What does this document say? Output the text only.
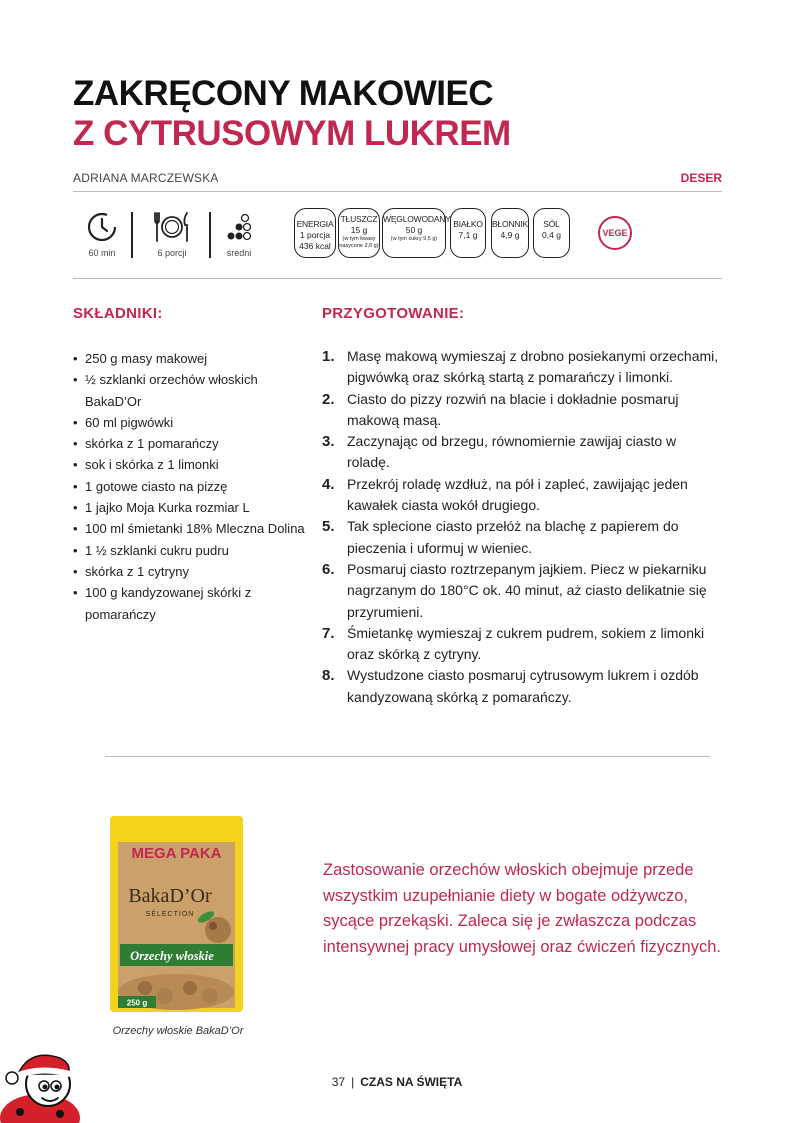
ZAKRĘCONY MAKOWIEC
Z CYTRUSOWYM LUKREM
ADRIANA MARCZEWSKA	DESER
60 min	6 porcji	średni
ENERGIA
1 porcja
436 kcal
TŁUSZCZ
15 g
(w tym kwasy
nasycone 2,6 g)
WĘGLOWODANY
50 g
(w tym cukry 9,5 g)
BIAŁKO
7,1 g
BŁONNIK
4,9 g
SÓL
0,4 g	VEGE
SKŁADNIKI:
• 250 g masy makowej
• ½ szklanki orzechów włoskich BakaD’Or
• 60 ml pigwówki
• skórka z 1 pomarańczy
• sok i skórka z 1 limonki
• 1 gotowe ciasto na pizzę
• 1 jajko Moja Kurka rozmiar L
• 100 ml śmietanki 18% Mleczna Dolina
• 1 ½ szklanki cukru pudru
• skórka z 1 cytryny
• 100 g kandyzowanej skórki z pomarańczy
PRZYGOTOWANIE:
1. Masę makową wymieszaj z drobno posiekanymi orzechami, pigwówką oraz skórką startą z pomarańczy i limonki.
2. Ciasto do pizzy rozwiń na blacie i dokładnie posmaruj makową masą.
3. Zaczynając od brzegu, równomiernie zawijaj ciasto w roladę.
4. Przekrój roladę wzdłuż, na pół i zapleć, zawijając jeden kawałek ciasta wokół drugiego.
5. Tak splecione ciasto przełóż na blachę z papierem do pieczenia i uformuj w wieniec.
6. Posmaruj ciasto roztrzepanym jajkiem. Piecz w piekarniku nagrzanym do 180°C ok. 40 minut, aż ciasto delikatnie się przyrumieni.
7. Śmietankę wymieszaj z cukrem pudrem, sokiem z limonki oraz skórką z cytryny.
8. Wystudzone ciasto posmaruj cytrusowym lukrem i ozdób kandyzowaną skórką z pomarańczy.
MEGA PAKA
BakaD’Or
SÉLECTION
Orzechy włoskie
250 g
Orzechy włoskie BakaD’Or

Zastosowanie orzechów włoskich obejmuje przede wszystkim uzupełnianie diety w bogate odżywczo, sycące przekąski. Zaleca się je zwłaszcza podczas intensywnej pracy umysłowej oraz ćwiczeń fizycznych.

37 | CZAS NA ŚWIĘTA
